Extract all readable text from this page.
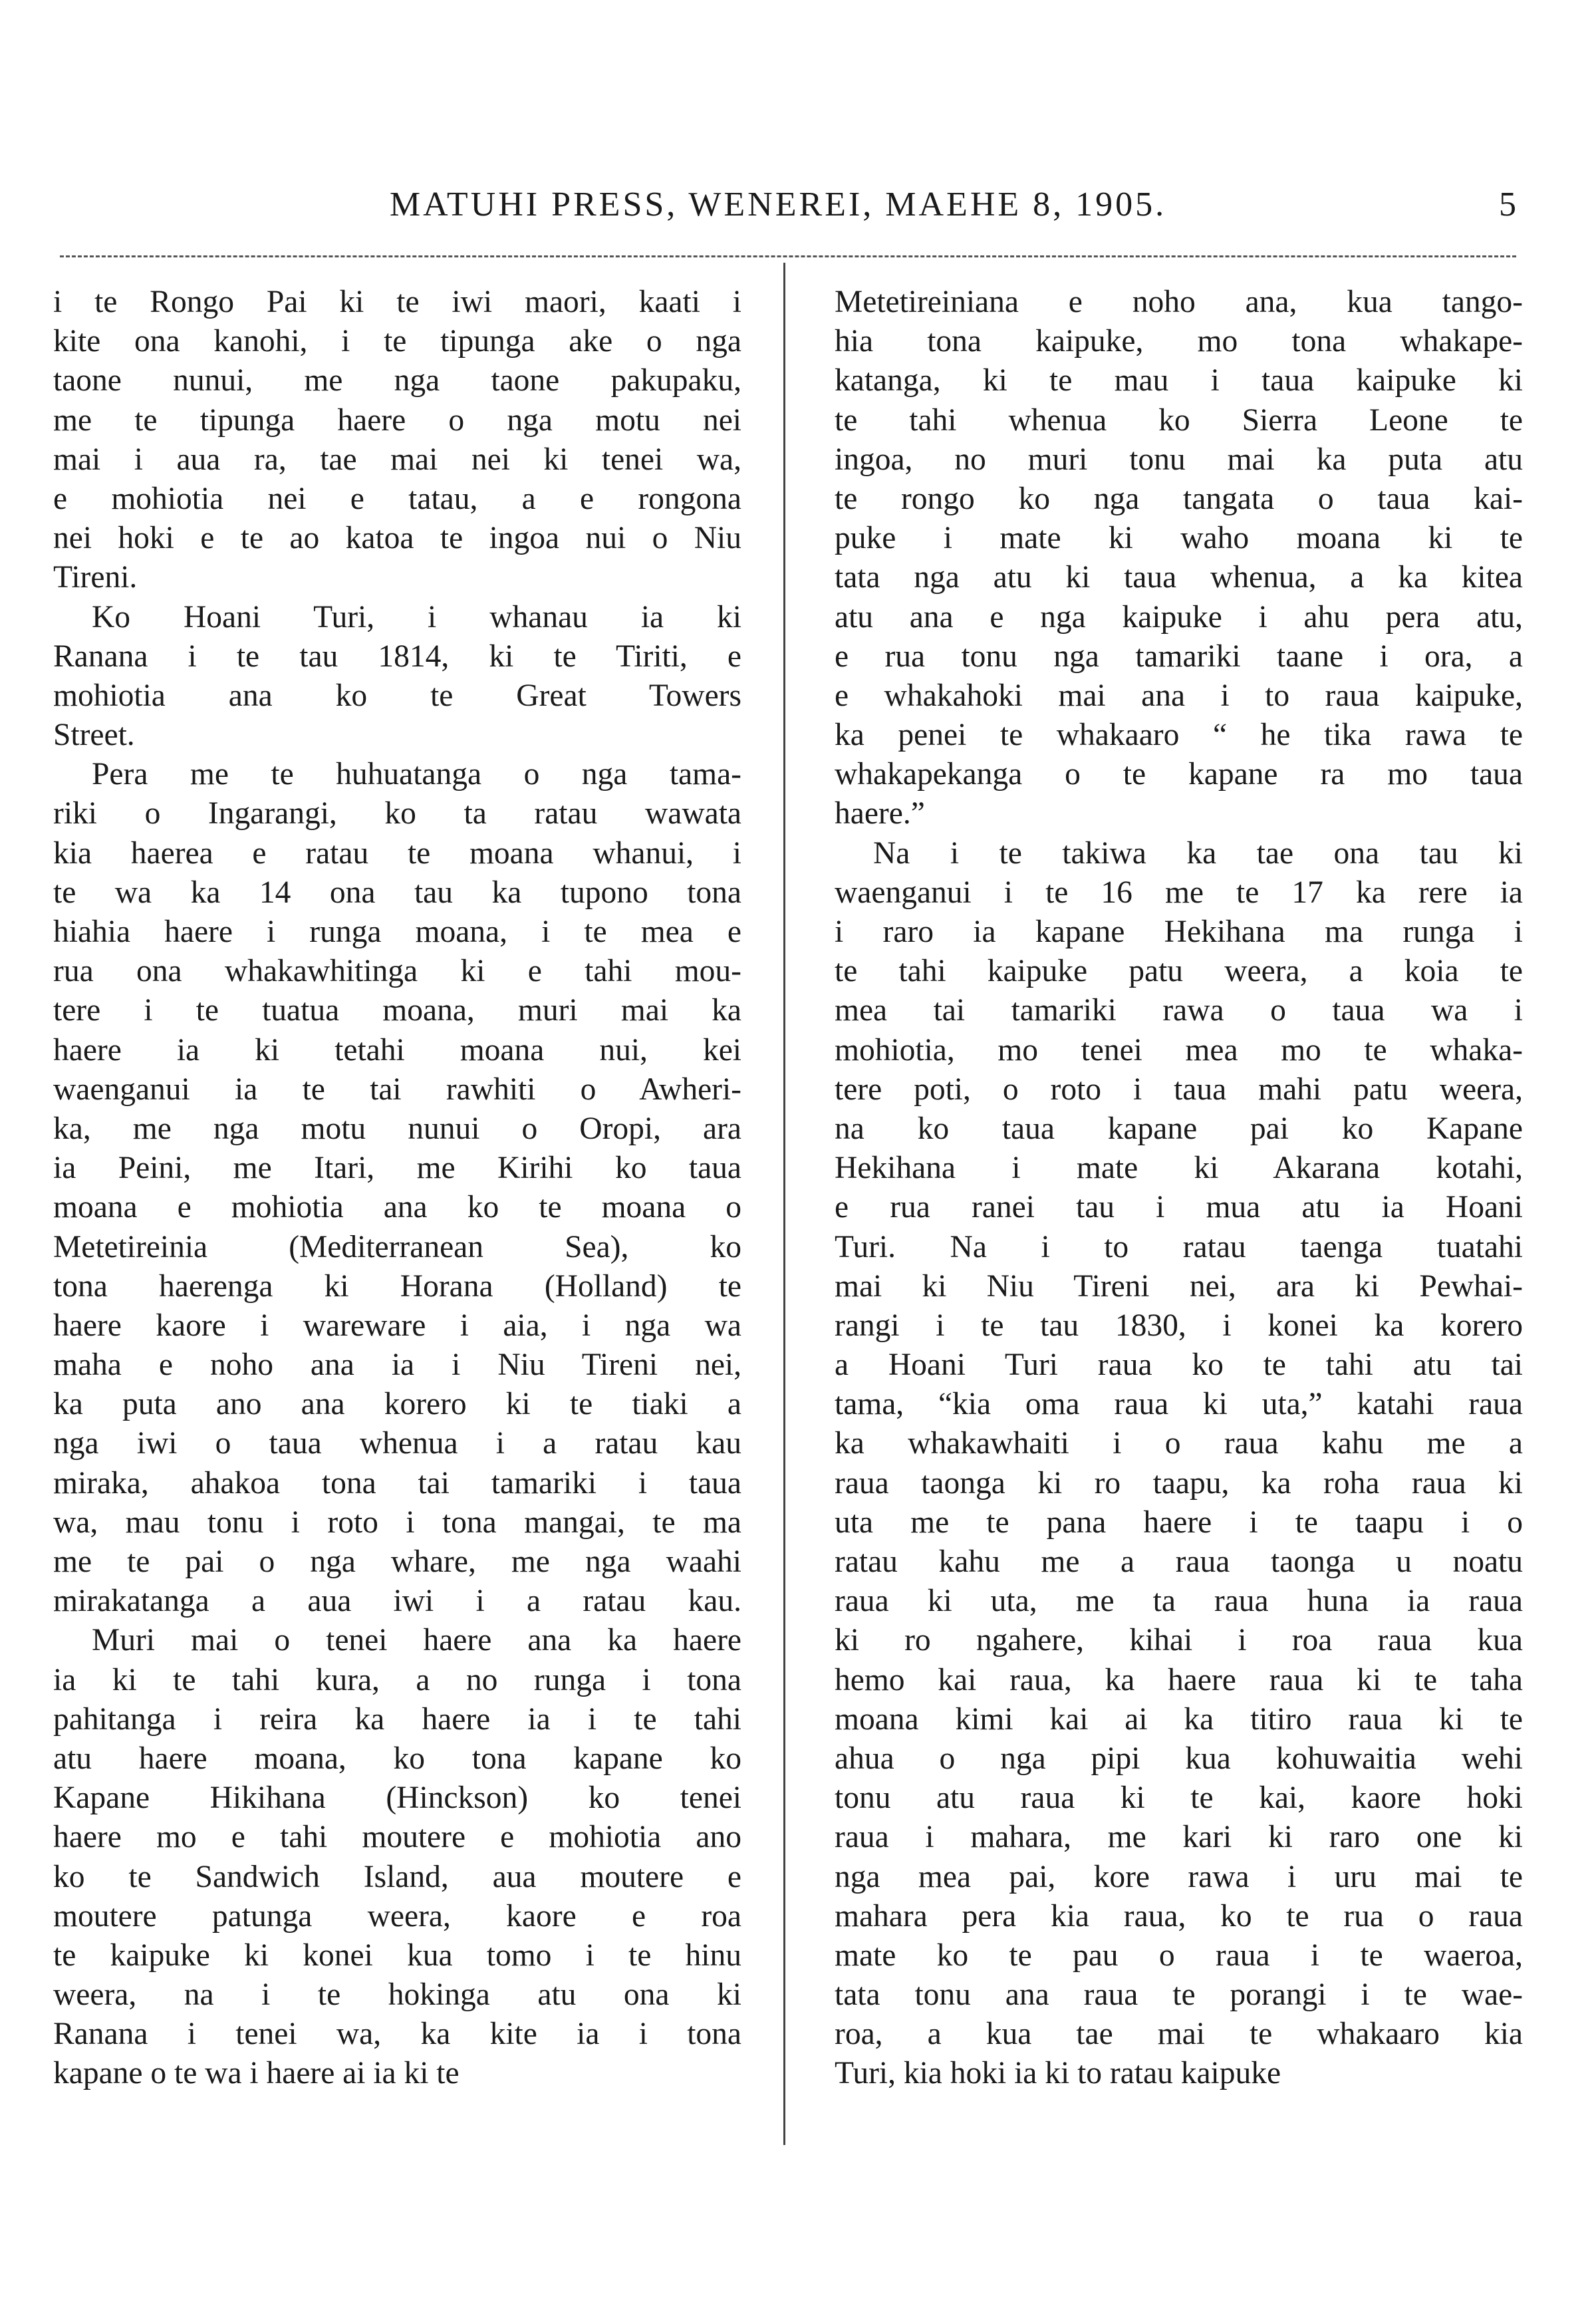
MATUHI PRESS, WENEREI, MAEHE 8, 1905.	5
i te Rongo Pai ki te iwi maori, kaati i
kite ona kanohi, i te tipunga ake o nga
taone nunui, me nga taone pakupaku,
me te tipunga haere o nga motu nei
mai i aua ra, tae mai nei ki tenei wa,
e mohiotia nei e tatau, a e rongona
nei hoki e te ao katoa te ingoa nui o Niu
Tireni.
Ko Hoani Turi, i whanau ia ki
Ranana i te tau 1814, ki te Tiriti, e
mohiotia ana ko te Great Towers
Street.
Pera me te huhuatanga o nga tama-
riki o Ingarangi, ko ta ratau wawata
kia haerea e ratau te moana whanui, i
te wa ka 14 ona tau ka tupono tona
hiahia haere i runga moana, i te mea e
rua ona whakawhitinga ki e tahi mou-
tere i te tuatua moana, muri mai ka
haere ia ki tetahi moana nui, kei
waenganui ia te tai rawhiti o Awheri-
ka, me nga motu nunui o Oropi, ara
ia Peini, me Itari, me Kirihi ko taua
moana e mohiotia ana ko te moana o
Metetireinia (Mediterranean Sea), ko
tona haerenga ki Horana (Holland) te
haere kaore i wareware i aia, i nga wa
maha e noho ana ia i Niu Tireni nei,
ka puta ano ana korero ki te tiaki a
nga iwi o taua whenua i a ratau kau
miraka, ahakoa tona tai tamariki i taua
wa, mau tonu i roto i tona mangai, te ma
me te pai o nga whare, me nga waahi
mirakatanga a aua iwi i a ratau kau.
Muri mai o tenei haere ana ka haere
ia ki te tahi kura, a no runga i tona
pahitanga i reira ka haere ia i te tahi
atu haere moana, ko tona kapane ko
Kapane Hikihana (Hinckson) ko tenei
haere mo e tahi moutere e mohiotia ano
ko te Sandwich Island, aua moutere e
moutere patunga weera, kaore e roa
te kaipuke ki konei kua tomo i te hinu
weera, na i te hokinga atu ona ki
Ranana i tenei wa, ka kite ia i tona
kapane o te wa i haere ai ia ki te
Metetireiniana e noho ana, kua tango-
hia tona kaipuke, mo tona whakape-
katanga, ki te mau i taua kaipuke ki
te tahi whenua ko Sierra Leone te
ingoa, no muri tonu mai ka puta atu
te rongo ko nga tangata o taua kai-
puke i mate ki waho moana ki te
tata nga atu ki taua whenua, a ka kitea
atu ana e nga kaipuke i ahu pera atu,
e rua tonu nga tamariki taane i ora, a
e whakahoki mai ana i to raua kaipuke,
ka penei te whakaaro “ he tika rawa te
whakapekanga o te kapane ra mo taua
haere.”
Na i te takiwa ka tae ona tau ki
waenganui i te 16 me te 17 ka rere ia
i raro ia kapane Hekihana ma runga i
te tahi kaipuke patu weera, a koia te
mea tai tamariki rawa o taua wa i
mohiotia, mo tenei mea mo te whaka-
tere poti, o roto i taua mahi patu weera,
na ko taua kapane pai ko Kapane
Hekihana i mate ki Akarana kotahi,
e rua ranei tau i mua atu ia Hoani
Turi. Na i to ratau taenga tuatahi
mai ki Niu Tireni nei, ara ki Pewhai-
rangi i te tau 1830, i konei ka korero
a Hoani Turi raua ko te tahi atu tai
tama, “kia oma raua ki uta,” katahi raua
ka whakawhaiti i o raua kahu me a
raua taonga ki ro taapu, ka roha raua ki
uta me te pana haere i te taapu i o
ratau kahu me a raua taonga u noatu
raua ki uta, me ta raua huna ia raua
ki ro ngahere, kihai i roa raua kua
hemo kai raua, ka haere raua ki te taha
moana kimi kai ai ka titiro raua ki te
ahua o nga pipi kua kohuwaitia wehi
tonu atu raua ki te kai, kaore hoki
raua i mahara, me kari ki raro one ki
nga mea pai, kore rawa i uru mai te
mahara pera kia raua, ko te rua o raua
mate ko te pau o raua i te waeroa,
tata tonu ana raua te porangi i te wae-
roa, a kua tae mai te whakaaro kia
Turi, kia hoki ia ki to ratau kaipuke
